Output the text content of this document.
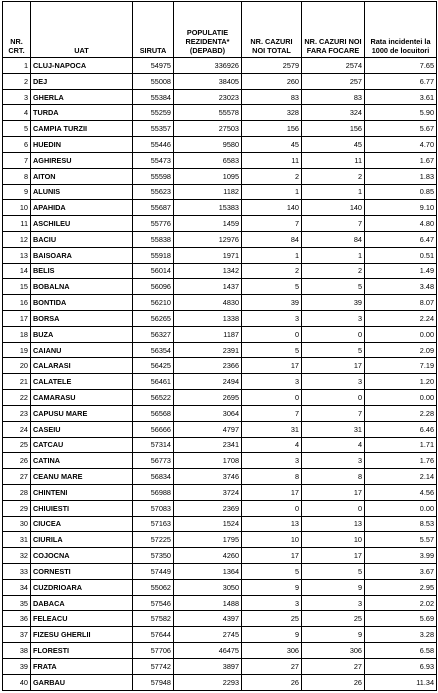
NR. CRT.	UAT	SIRUTA	POPULATIE REZIDENTA* (DEPABD)	NR. CAZURI NOI TOTAL	NR. CAZURI NOI FARA FOCARE	Rata incidentei la 1000 de locuitori
1	CLUJ-NAPOCA	54975	336926	2579	2574	7.65
2	DEJ	55008	38405	260	257	6.77
3	GHERLA	55384	23023	83	83	3.61
4	TURDA	55259	55578	328	324	5.90
5	CAMPIA TURZII	55357	27503	156	156	5.67
6	HUEDIN	55446	9580	45	45	4.70
7	AGHIRESU	55473	6583	11	11	1.67
8	AITON	55598	1095	2	2	1.83
9	ALUNIS	55623	1182	1	1	0.85
10	APAHIDA	55687	15383	140	140	9.10
11	ASCHILEU	55776	1459	7	7	4.80
12	BACIU	55838	12976	84	84	6.47
13	BAISOARA	55918	1971	1	1	0.51
14	BELIS	56014	1342	2	2	1.49
15	BOBALNA	56096	1437	5	5	3.48
16	BONTIDA	56210	4830	39	39	8.07
17	BORSA	56265	1338	3	3	2.24
18	BUZA	56327	1187	0	0	0.00
19	CAIANU	56354	2391	5	5	2.09
20	CALARASI	56425	2366	17	17	7.19
21	CALATELE	56461	2494	3	3	1.20
22	CAMARASU	56522	2695	0	0	0.00
23	CAPUSU MARE	56568	3064	7	7	2.28
24	CASEIU	56666	4797	31	31	6.46
25	CATCAU	57314	2341	4	4	1.71
26	CATINA	56773	1708	3	3	1.76
27	CEANU MARE	56834	3746	8	8	2.14
28	CHINTENI	56988	3724	17	17	4.56
29	CHIUIESTI	57083	2369	0	0	0.00
30	CIUCEA	57163	1524	13	13	8.53
31	CIURILA	57225	1795	10	10	5.57
32	COJOCNA	57350	4260	17	17	3.99
33	CORNESTI	57449	1364	5	5	3.67
34	CUZDRIOARA	55062	3050	9	9	2.95
35	DABACA	57546	1488	3	3	2.02
36	FELEACU	57582	4397	25	25	5.69
37	FIZESU GHERLII	57644	2745	9	9	3.28
38	FLORESTI	57706	46475	306	306	6.58
39	FRATA	57742	3897	27	27	6.93
40	GARBAU	57948	2293	26	26	11.34
